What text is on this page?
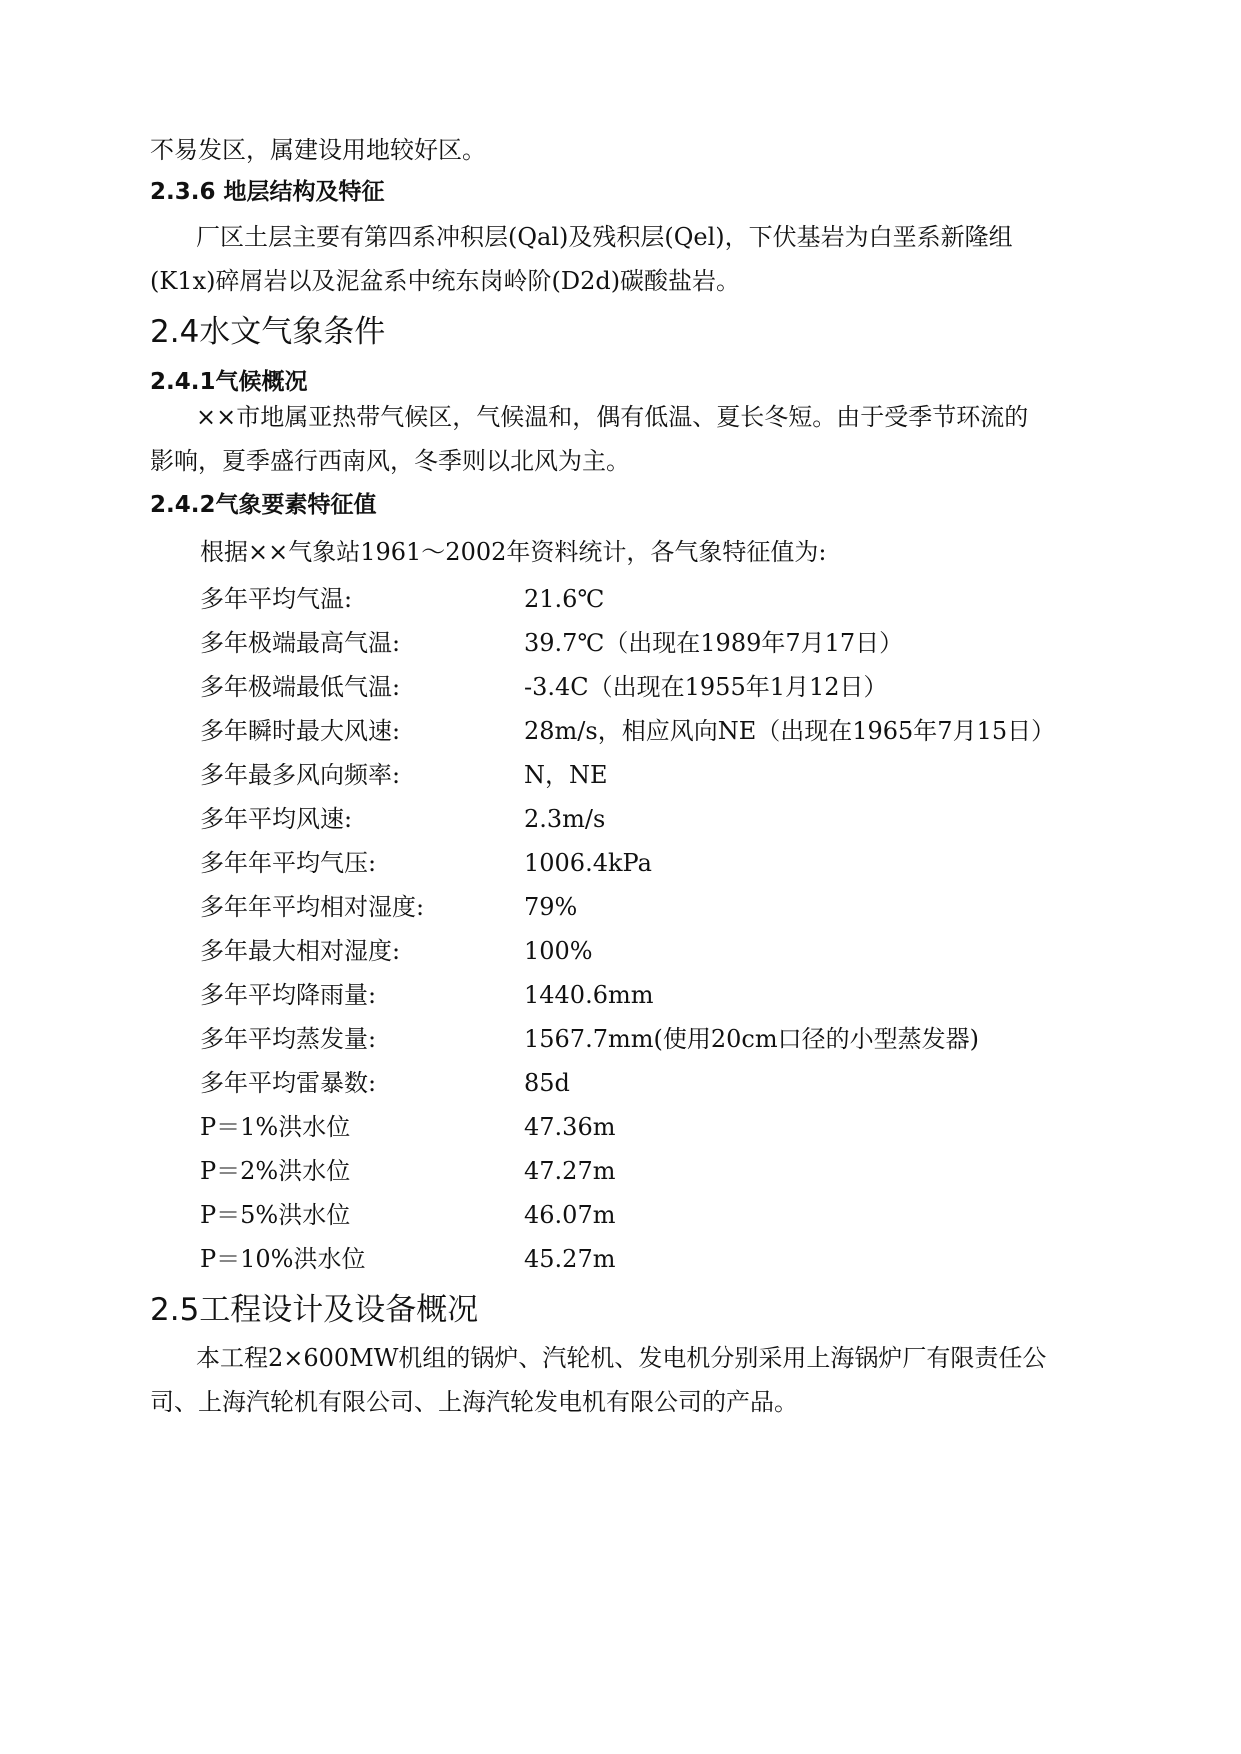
不易发区，属建设用地较好区。
2.3.6 地层结构及特征
厂区土层主要有第四系冲积层(Qal)及残积层(Qel)，下伏基岩为白垩系新隆组
(K1x)碎屑岩以及泥盆系中统东岗岭阶(D2d)碳酸盐岩。
2.4水文气象条件
2.4.1气候概况
××市地属亚热带气候区，气候温和，偶有低温、夏长冬短。由于受季节环流的
影响，夏季盛行西南风，冬季则以北风为主。
2.4.2气象要素特征值
根据××气象站1961～2002年资料统计，各气象特征值为:
多年平均气温:	21.6℃
多年极端最高气温:	39.7℃（出现在1989年7月17日）
多年极端最低气温:	-3.4C（出现在1955年1月12日）
多年瞬时最大风速:	28m/s，相应风向NE（出现在1965年7月15日）
多年最多风向频率:	N，NE
多年平均风速:	2.3m/s
多年年平均气压:	1006.4kPa
多年年平均相对湿度:	79%
多年最大相对湿度:	100%
多年平均降雨量:	1440.6mm
多年平均蒸发量:	1567.7mm(使用20cm口径的小型蒸发器)
多年平均雷暴数:	85d
P＝1%洪水位	47.36m
P＝2%洪水位	47.27m
P＝5%洪水位	46.07m
P＝10%洪水位	45.27m
2.5工程设计及设备概况
本工程2×600MW机组的锅炉、汽轮机、发电机分别采用上海锅炉厂有限责任公
司、上海汽轮机有限公司、上海汽轮发电机有限公司的产品。
